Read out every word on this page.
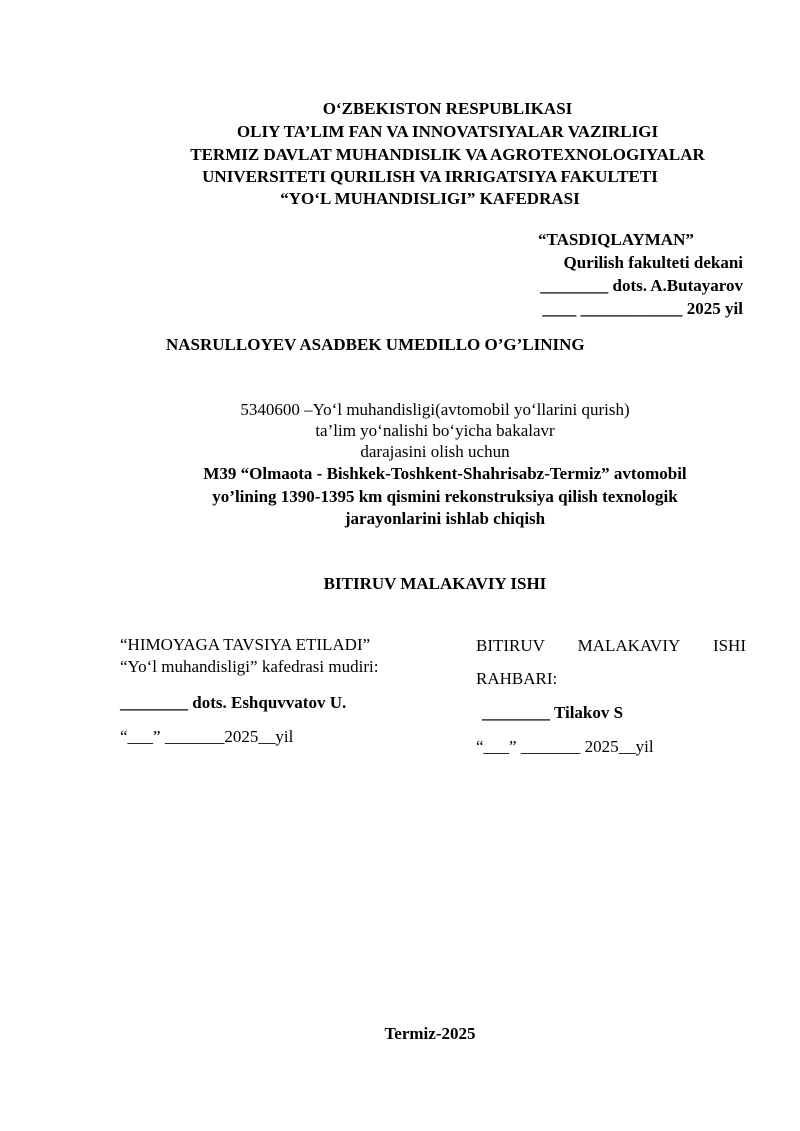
O‘ZBEKISTON RESPUBLIKASI
OLIY TA’LIM FAN VA INNOVATSIYALAR VAZIRLIGI
TERMIZ DAVLAT MUHANDISLIK VA AGROTEXNOLOGIYALAR
UNIVERSITETI QURILISH VA IRRIGATSIYA FAKULTETI
“YO‘L MUHANDISLIGI” KAFEDRASI
“TASDIQLAYMAN”
Qurilish fakulteti dekani
________ dots. A.Butayarov
____ ____________ 2025 yil
NASRULLOYEV ASADBEK UMEDILLO O’G’LINING
5340600 –Yo‘l muhandisligi(avtomobil yo‘llarini qurish)
ta’lim yo‘nalishi bo‘yicha bakalavr
darajasini olish uchun
M39 “Olmaota - Bishkek-Toshkent-Shahrisabz-Termiz” avtomobil
yo’lining 1390-1395 km qismini rekonstruksiya qilish texnologik
jarayonlarini ishlab chiqish
BITIRUV MALAKAVIY ISHI
“HIMOYAGA TAVSIYA ETILADI”
“Yo‘l muhandisligi” kafedrasi mudiri:
________ dots. Eshquvvatov U.
“___” _______2025__yil
BITIRUV MALAKAVIY ISHI
RAHBARI:
________ Tilakov S
“___” _______ 2025__yil
Termiz-2025
